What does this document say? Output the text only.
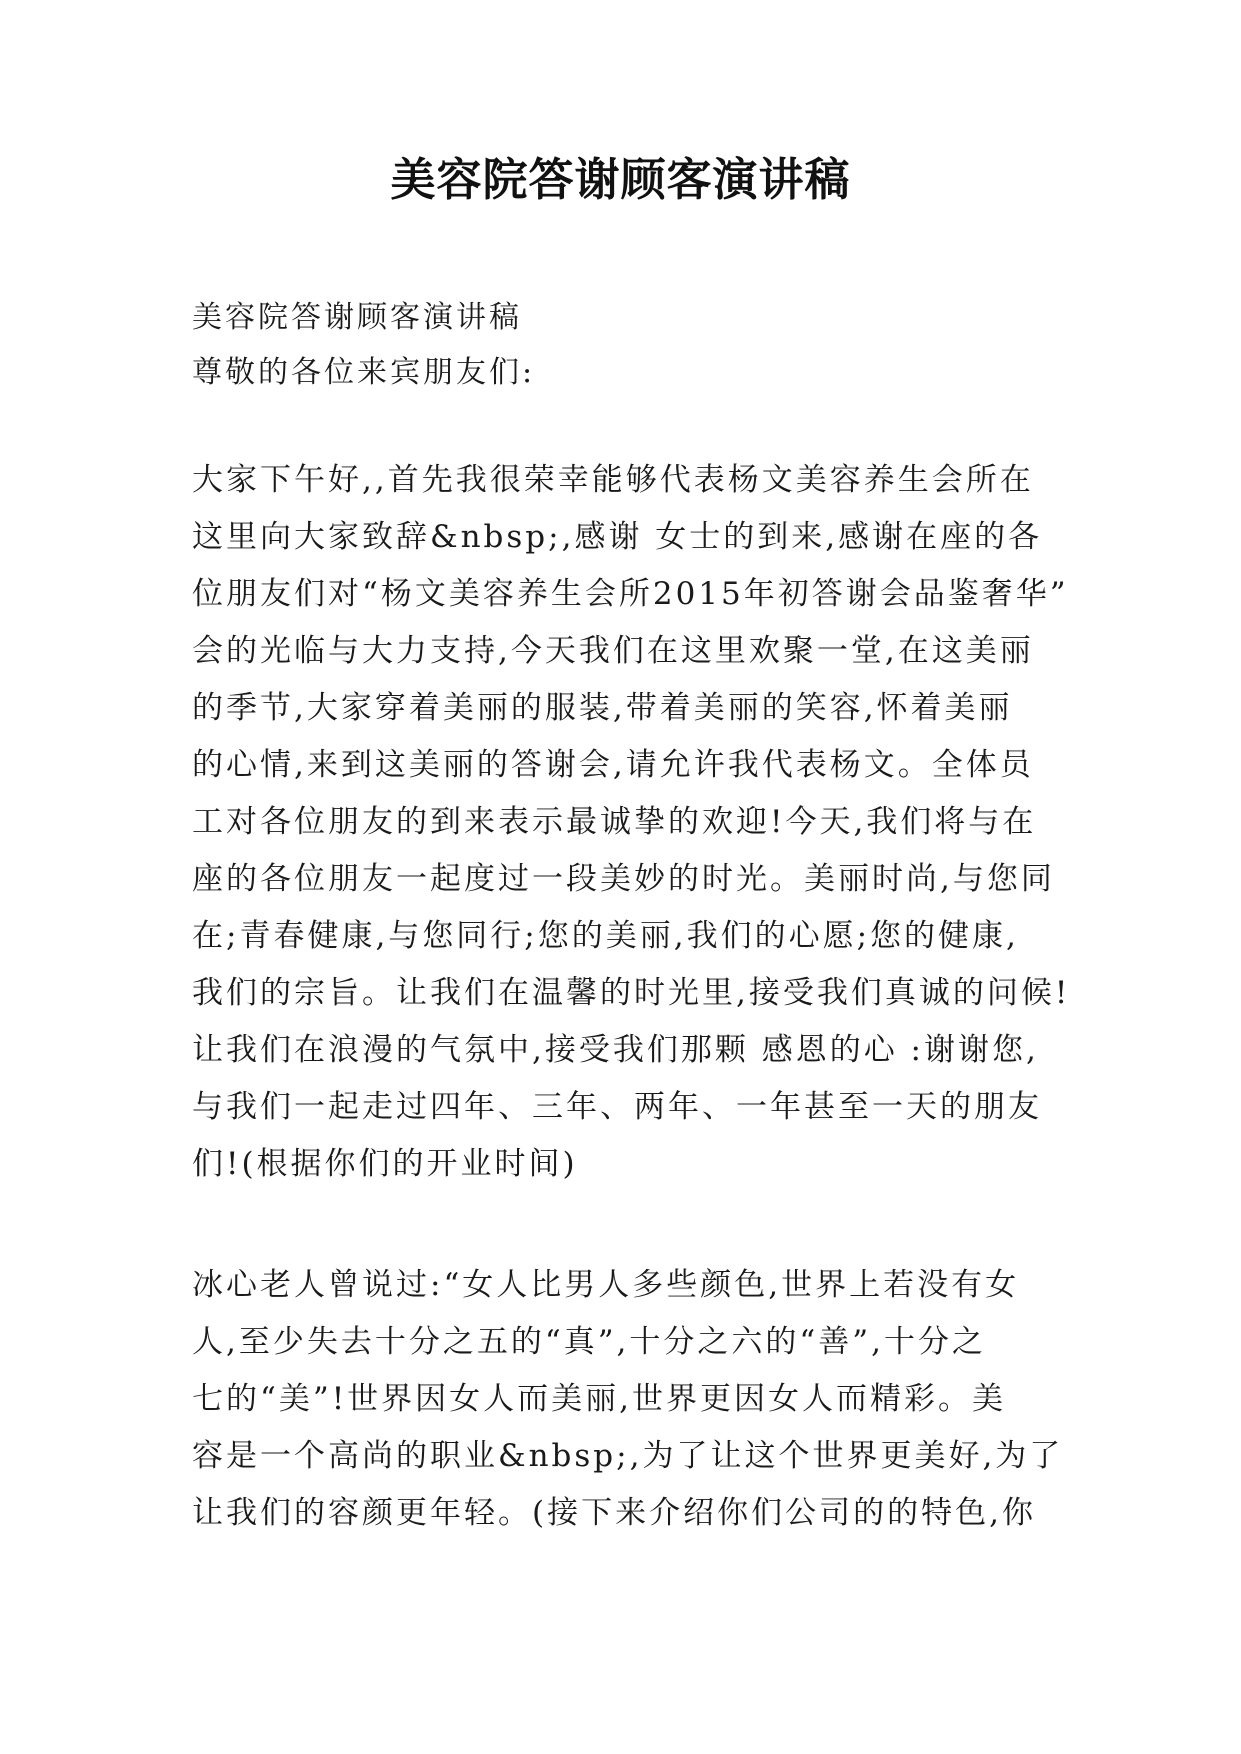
美容院答谢顾客演讲稿
美容院答谢顾客演讲稿
尊敬的各位来宾朋友们:
大家下午好,,首先我很荣幸能够代表杨文美容养生会所在
这里向大家致辞&nbsp;,感谢 女士的到来,感谢在座的各
位朋友们对“杨文美容养生会所2015年初答谢会品鉴奢华”
会的光临与大力支持,今天我们在这里欢聚一堂,在这美丽
的季节,大家穿着美丽的服装,带着美丽的笑容,怀着美丽
的心情,来到这美丽的答谢会,请允许我代表杨文。全体员
工对各位朋友的到来表示最诚挚的欢迎!今天,我们将与在
座的各位朋友一起度过一段美妙的时光。美丽时尚,与您同
在;青春健康,与您同行;您的美丽,我们的心愿;您的健康,
我们的宗旨。让我们在温馨的时光里,接受我们真诚的问候!
让我们在浪漫的气氛中,接受我们那颗 感恩的心 :谢谢您,
与我们一起走过四年、三年、两年、一年甚至一天的朋友
们!(根据你们的开业时间)
冰心老人曾说过:“女人比男人多些颜色,世界上若没有女
人,至少失去十分之五的“真”,十分之六的“善”,十分之
七的“美”!世界因女人而美丽,世界更因女人而精彩。美
容是一个高尚的职业&nbsp;,为了让这个世界更美好,为了
让我们的容颜更年轻。(接下来介绍你们公司的的特色,你
